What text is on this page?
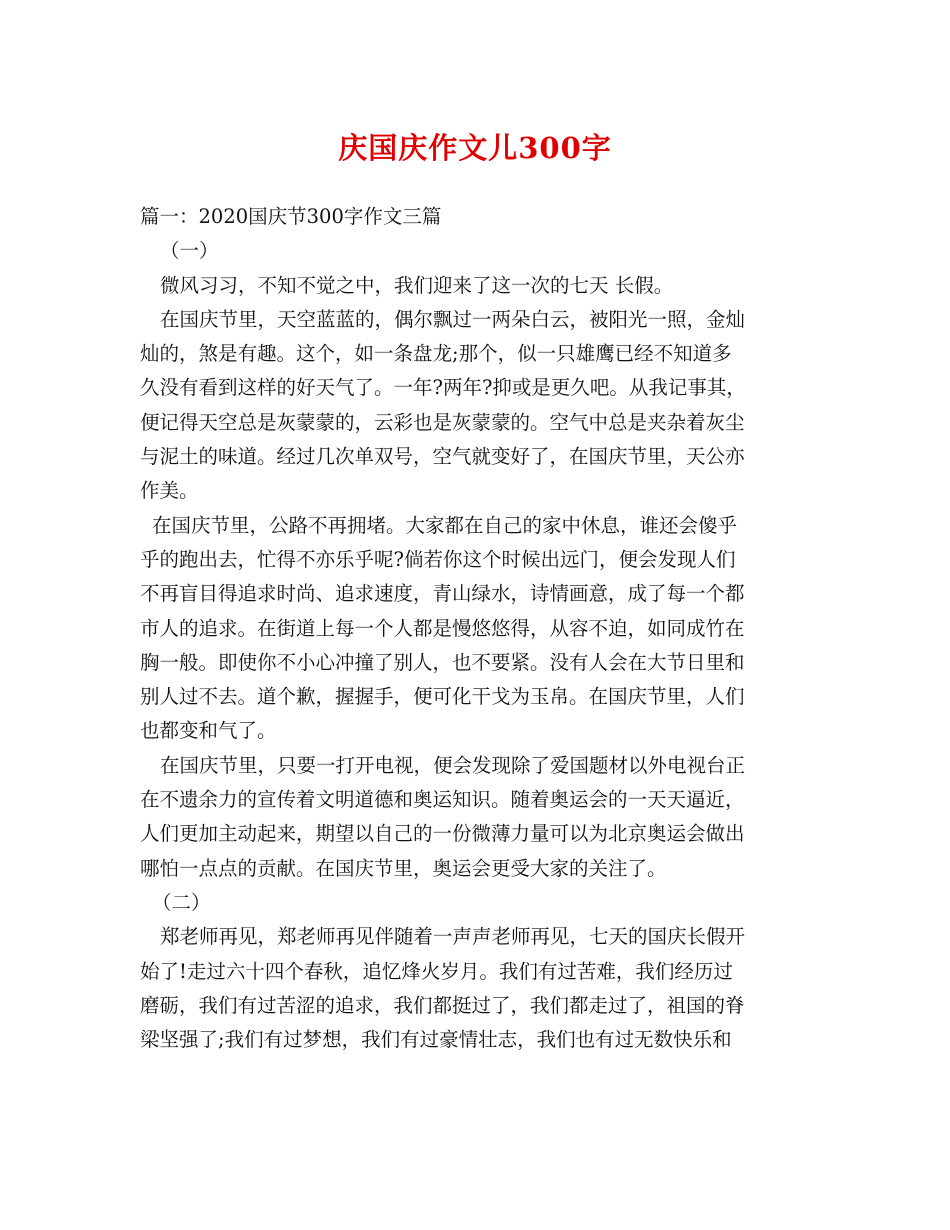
庆国庆作文儿300字
篇一：2020国庆节300字作文三篇
（一）
微风习习，不知不觉之中，我们迎来了这一次的七天 长假。
在国庆节里，天空蓝蓝的，偶尔飘过一两朵白云，被阳光一照，金灿
灿的，煞是有趣。这个，如一条盘龙;那个，似一只雄鹰已经不知道多
久没有看到这样的好天气了。一年?两年?抑或是更久吧。从我记事其，
便记得天空总是灰蒙蒙的，云彩也是灰蒙蒙的。空气中总是夹杂着灰尘
与泥土的味道。经过几次单双号，空气就变好了，在国庆节里，天公亦
作美。
在国庆节里，公路不再拥堵。大家都在自己的家中休息，谁还会傻乎
乎的跑出去，忙得不亦乐乎呢?倘若你这个时候出远门，便会发现人们
不再盲目得追求时尚、追求速度，青山绿水，诗情画意，成了每一个都
市人的追求。在街道上每一个人都是慢悠悠得，从容不迫，如同成竹在
胸一般。即使你不小心冲撞了别人，也不要紧。没有人会在大节日里和
别人过不去。道个歉，握握手，便可化干戈为玉帛。在国庆节里，人们
也都变和气了。
在国庆节里，只要一打开电视，便会发现除了爱国题材以外电视台正
在不遗余力的宣传着文明道德和奥运知识。随着奥运会的一天天逼近，
人们更加主动起来，期望以自己的一份微薄力量可以为北京奥运会做出
哪怕一点点的贡献。在国庆节里，奥运会更受大家的关注了。
（二）
郑老师再见，郑老师再见伴随着一声声老师再见，七天的国庆长假开
始了!走过六十四个春秋，追忆烽火岁月。我们有过苦难，我们经历过
磨砺，我们有过苦涩的追求，我们都挺过了，我们都走过了，祖国的脊
梁坚强了;我们有过梦想，我们有过豪情壮志，我们也有过无数快乐和
